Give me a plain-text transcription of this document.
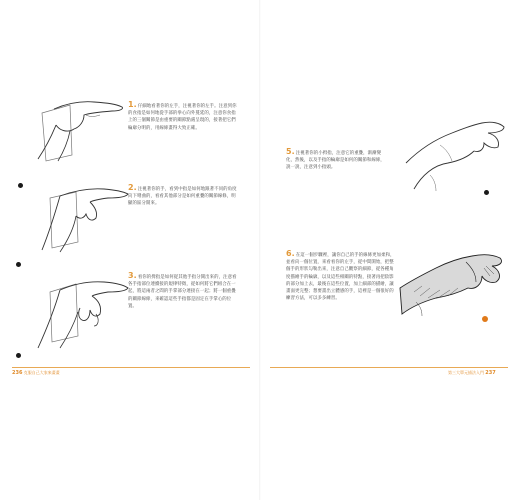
1.仔細地看著你的左手，注視著你的左手。注意到你的食指是如何地從手部的拳心向外蔓延的，注意你食指上的三個關節是由重要的關節點處呈現的，接著把它們輪廓分明的，用線條畫得大致正確。
2.注視著你的手，看到中指是如何地跟著不同的角度向下彎曲的，看看其他部分是如何重疊的關節線條，明顯的區分開來。
3.看你的拇指是如何從其他手指分開出來的，注意看各手指部位連續接的規律特徵，從如何將它們組合在一起，將這兩者之間的手掌部分連接在一起；將一個重疊的關節線條，來確認這些手指都是固定在手掌心的位置。
236 克服自己大家來畫畫
5.注視著你的小拇指，注意它的重疊，渐漸變化，然後，以及手指的輪廓是如何的關節和線條，說一說，注意到小指頭。
6.在這一個步驟裡，讓你自己的手的線條更加柔和，並看向一個位置，來看看你的左手，從中間開始，把整個手的形狀勾勒出來，注意自己觀察的細節，從各種角度描繪手的輪廓，以及這些相關的特點，接著再把陰影的部分加上去，最後在這些位置，加上細部的描繪，讓畫面更完整；想要畫出立體感的手，這裡是一個很好的練習方法，可以多多練習。
第三大單元描法入門 237
